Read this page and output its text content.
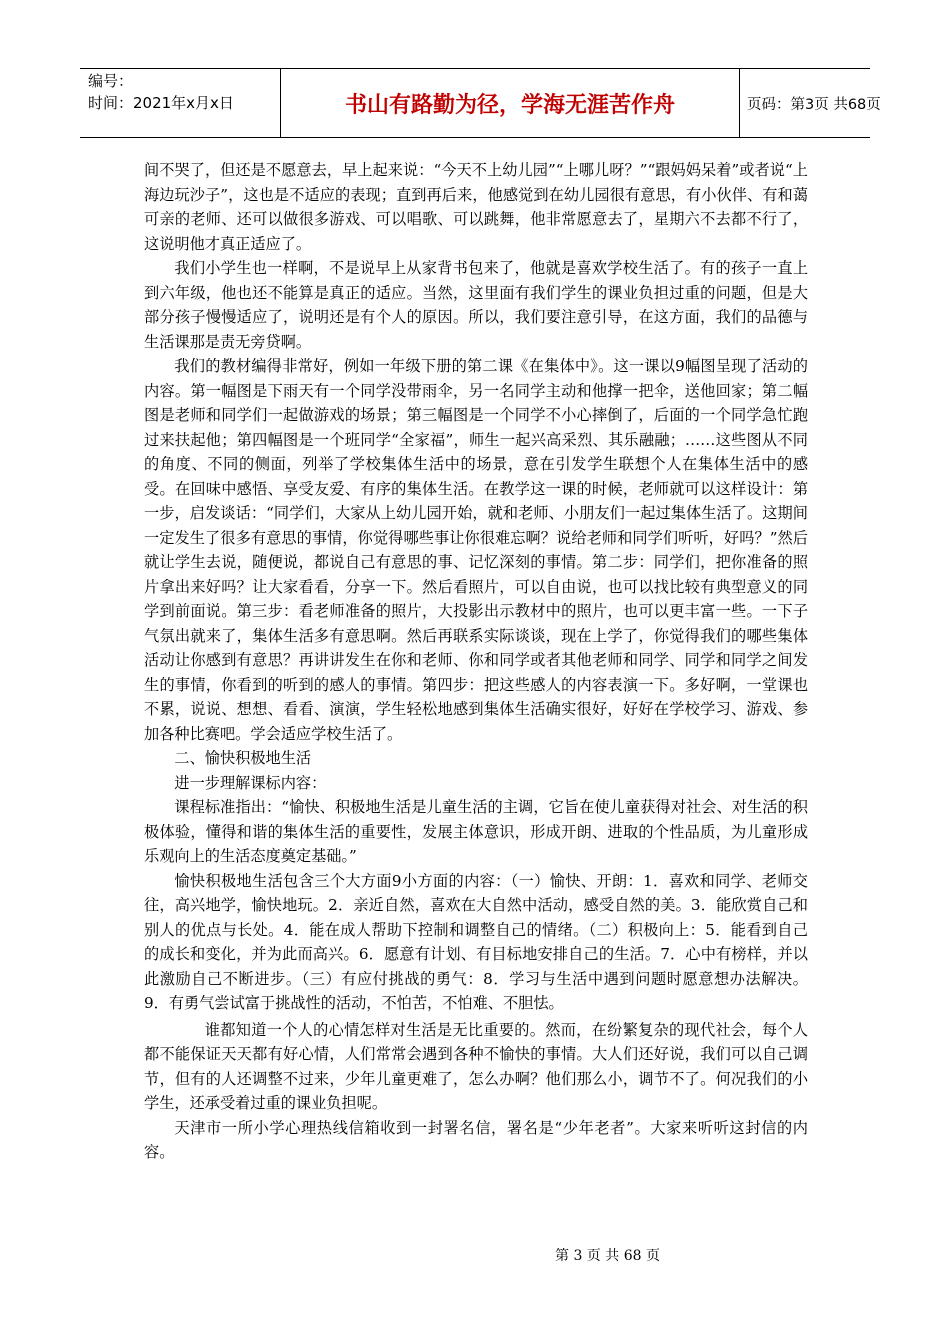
编号：
时间：2021年x月x日	书山有路勤为径，学海无涯苦作舟	页码：第3页 共68页

间不哭了，但还是不愿意去，早上起来说：“今天不上幼儿园”“上哪儿呀？”“跟妈妈呆着”或者说“上海边玩沙子”，这也是不适应的表现；直到再后来，他感觉到在幼儿园很有意思，有小伙伴、有和蔼可亲的老师、还可以做很多游戏、可以唱歌、可以跳舞，他非常愿意去了，星期六不去都不行了，这说明他才真正适应了。

我们小学生也一样啊，不是说早上从家背书包来了，他就是喜欢学校生活了。有的孩子一直上到六年级，他也还不能算是真正的适应。当然，这里面有我们学生的课业负担过重的问题，但是大部分孩子慢慢适应了，说明还是有个人的原因。所以，我们要注意引导，在这方面，我们的品德与生活课那是责无旁贷啊。

我们的教材编得非常好，例如一年级下册的第二课《在集体中》。这一课以9幅图呈现了活动的内容。第一幅图是下雨天有一个同学没带雨伞，另一名同学主动和他撑一把伞，送他回家；第二幅图是老师和同学们一起做游戏的场景；第三幅图是一个同学不小心摔倒了，后面的一个同学急忙跑过来扶起他；第四幅图是一个班同学“全家福”，师生一起兴高采烈、其乐融融；……这些图从不同的角度、不同的侧面，列举了学校集体生活中的场景，意在引发学生联想个人在集体生活中的感受。在回味中感悟、享受友爱、有序的集体生活。在教学这一课的时候，老师就可以这样设计：第一步，启发谈话：“同学们，大家从上幼儿园开始，就和老师、小朋友们一起过集体生活了。这期间一定发生了很多有意思的事情，你觉得哪些事让你很难忘啊？说给老师和同学们听听，好吗？”然后就让学生去说，随便说，都说自己有意思的事、记忆深刻的事情。第二步：同学们，把你准备的照片拿出来好吗？让大家看看，分享一下。然后看照片，可以自由说，也可以找比较有典型意义的同学到前面说。第三步：看老师准备的照片，大投影出示教材中的照片，也可以更丰富一些。一下子气氛出就来了，集体生活多有意思啊。然后再联系实际谈谈，现在上学了，你觉得我们的哪些集体活动让你感到有意思？再讲讲发生在你和老师、你和同学或者其他老师和同学、同学和同学之间发生的事情，你看到的听到的感人的事情。第四步：把这些感人的内容表演一下。多好啊，一堂课也不累，说说、想想、看看、演演，学生轻松地感到集体生活确实很好，好好在学校学习、游戏、参加各种比赛吧。学会适应学校生活了。

二、愉快积极地生活

进一步理解课标内容：

课程标准指出：“愉快、积极地生活是儿童生活的主调，它旨在使儿童获得对社会、对生活的积极体验，懂得和谐的集体生活的重要性，发展主体意识，形成开朗、进取的个性品质，为儿童形成乐观向上的生活态度奠定基础。”

愉快积极地生活包含三个大方面9小方面的内容：（一）愉快、开朗：1．喜欢和同学、老师交往，高兴地学，愉快地玩。2．亲近自然，喜欢在大自然中活动，感受自然的美。3．能欣赏自己和别人的优点与长处。4．能在成人帮助下控制和调整自己的情绪。（二）积极向上：5．能看到自己的成长和变化，并为此而高兴。6．愿意有计划、有目标地安排自己的生活。7．心中有榜样，并以此激励自己不断进步。（三）有应付挑战的勇气：8．学习与生活中遇到问题时愿意想办法解决。9．有勇气尝试富于挑战性的活动，不怕苦，不怕难、不胆怯。

谁都知道一个人的心情怎样对生活是无比重要的。然而，在纷繁复杂的现代社会，每个人都不能保证天天都有好心情，人们常常会遇到各种不愉快的事情。大人们还好说，我们可以自己调节，但有的人还调整不过来，少年儿童更难了，怎么办啊？他们那么小，调节不了。何况我们的小学生，还承受着过重的课业负担呢。

天津市一所小学心理热线信箱收到一封署名信，署名是“少年老者”。大家来听听这封信的内容。

第 3 页 共 68 页
